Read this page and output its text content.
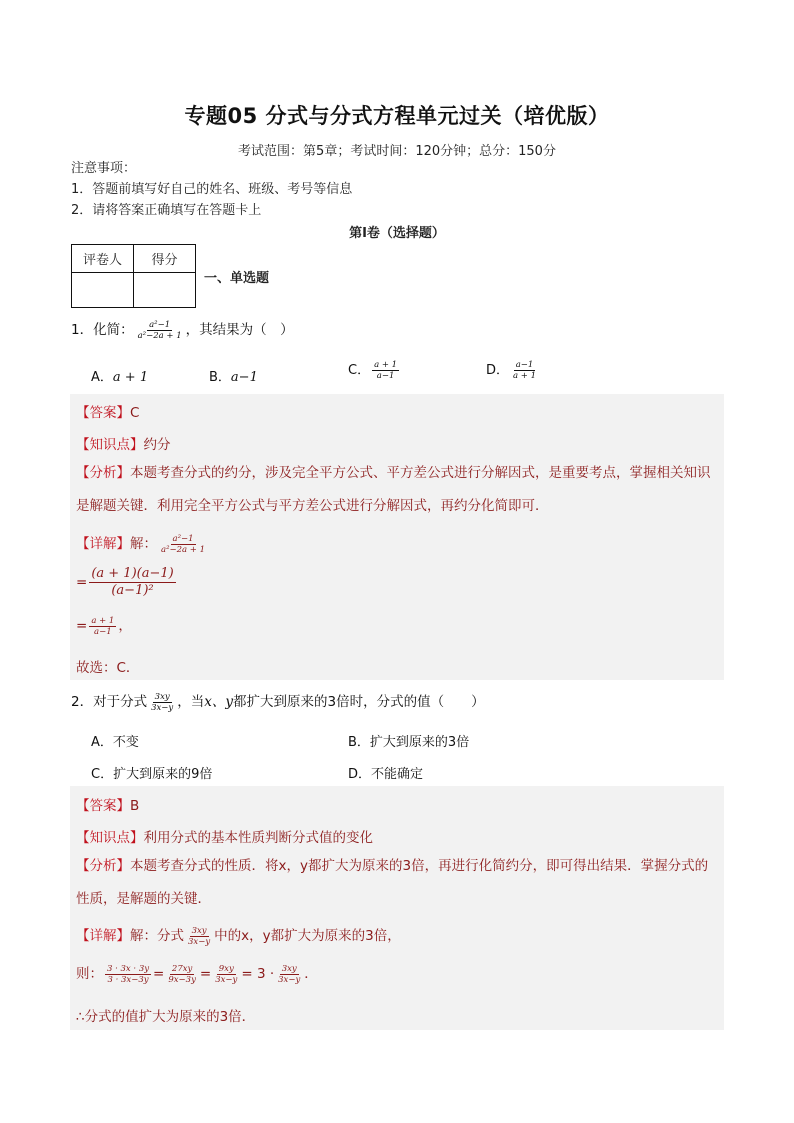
专题05 分式与分式方程单元过关（培优版）
考试范围：第5章；考试时间：120分钟；总分：150分
注意事项：
1．答题前填写好自己的姓名、班级、考号等信息
2．请将答案正确填写在答题卡上
第Ⅰ卷（选择题）
评卷人	得分

一、单选题
1．化简： $\frac{\text{a²−1}}{\text{a²−2a + 1}}$ ，其结果为（　）
A．a + 1	B．a−1	C． $\frac{a + 1}{a-1}$	D． $\frac{a-1}{a + 1}$
【答案】C
【知识点】约分
【分析】本题考查分式的约分，涉及完全平方公式、平方差公式进行分解因式，是重要考点，掌握相关知识是解题关键．利用完全平方公式与平方差公式进行分解因式，再约分化简即可．
【详解】解： $\frac{\text{a²−1}}{\text{a²−2a + 1}}$
= $\frac{(a + 1)(a-1)}{\text{(a−1)²}}$
= $\frac{a + 1}{a-1}$ ，
故选：C．
2．对于分式 $\frac{3xy}{3x-y}$ ，当x、y都扩大到原来的3倍时，分式的值（　　）
A．不变	B．扩大到原来的3倍
C．扩大到原来的9倍	D．不能确定
【答案】B
【知识点】利用分式的基本性质判断分式值的变化
【分析】本题考查分式的性质．将x，y都扩大为原来的3倍，再进行化简约分，即可得出结果．掌握分式的性质，是解题的关键．
【详解】解：分式 $\frac{3xy}{3x-y}$ 中的x，y都扩大为原来的3倍，
则： $\frac{3 \cdot 3x \cdot 3y}{3 \cdot 3x-3y} = \frac{27xy}{9x-3y} = \frac{9xy}{3x-y} = 3 \cdot \frac{3xy}{3x-y}$ ．
∴分式的值扩大为原来的3倍．
